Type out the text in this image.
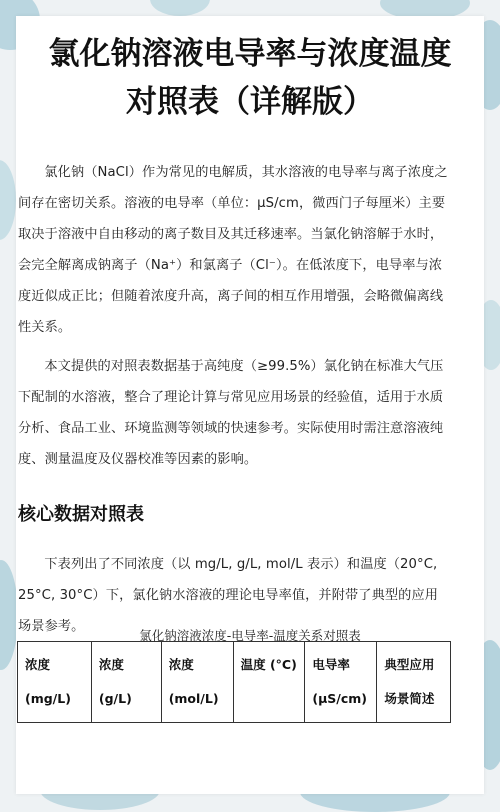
氯化钠溶液电导率与浓度温度
对照表（详解版）

氯化钠（NaCl）作为常见的电解质，其水溶液的电导率与离子浓度之间存在密切关系。溶液的电导率（单位：μS/cm，微西门子每厘米）主要取决于溶液中自由移动的离子数目及其迁移速率。当氯化钠溶解于水时，会完全解离成钠离子（Na⁺）和氯离子（Cl⁻）。在低浓度下，电导率与浓度近似成正比；但随着浓度升高，离子间的相互作用增强，会略微偏离线性关系。

本文提供的对照表数据基于高纯度（≥99.5%）氯化钠在标准大气压下配制的水溶液，整合了理论计算与常见应用场景的经验值，适用于水质分析、食品工业、环境监测等领域的快速参考。实际使用时需注意溶液纯度、测量温度及仪器校准等因素的影响。

核心数据对照表

下表列出了不同浓度（以 mg/L, g/L, mol/L 表示）和温度（20°C, 25°C, 30°C）下，氯化钠水溶液的理论电导率值，并附带了典型的应用场景参考。

氯化钠溶液浓度-电导率-温度关系对照表
浓度 (mg/L)	浓度 (g/L)	浓度 (mol/L)	温度 (°C)	电导率 (μS/cm)	典型应用场景简述
